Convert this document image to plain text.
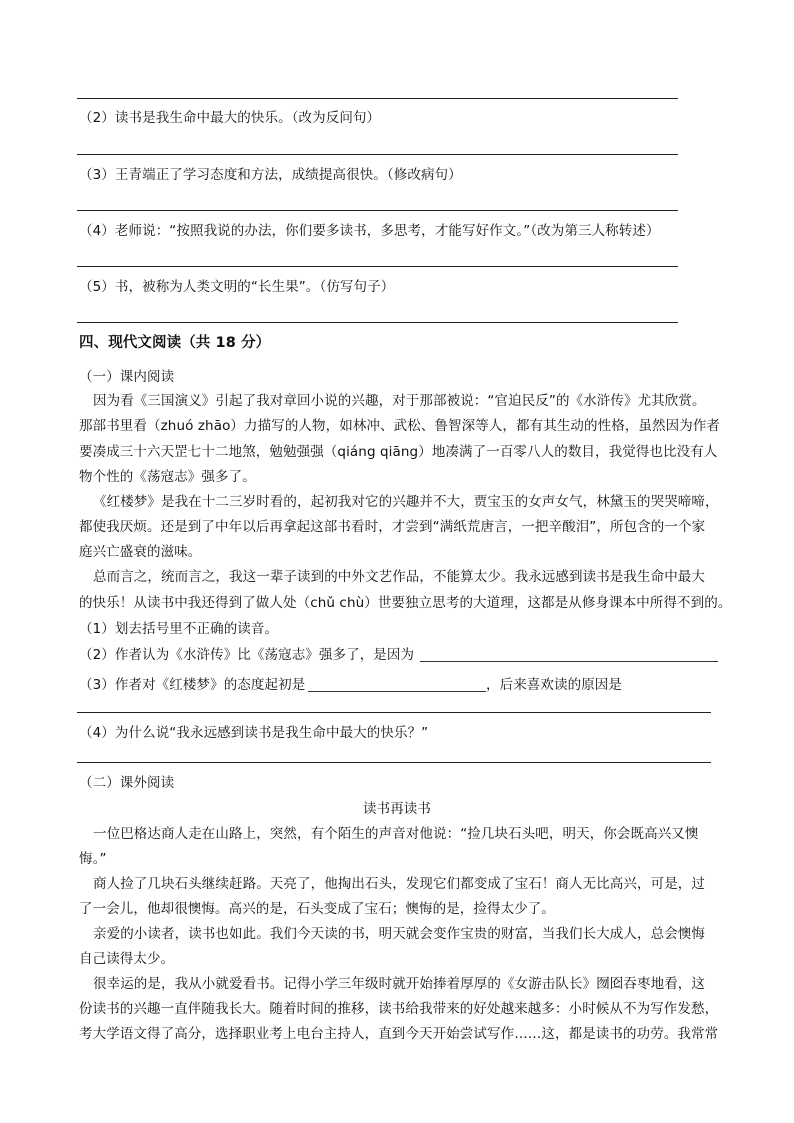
（2）读书是我生命中最大的快乐。（改为反问句）
（3）王青端正了学习态度和方法，成绩提高很快。（修改病句）
（4）老师说：“按照我说的办法，你们要多读书，多思考，才能写好作文。”（改为第三人称转述）
（5）书，被称为人类文明的“长生果”。（仿写句子）
四、现代文阅读（共 18 分）
（一）课内阅读
因为看《三国演义》引起了我对章回小说的兴趣，对于那部被说：“官迫民反”的《水浒传》尤其欣赏。
那部书里看（zhuó zhāo）力描写的人物，如林冲、武松、鲁智深等人，都有其生动的性格，虽然因为作者
要凑成三十六天罡七十二地煞，勉勉强强（qiáng qiāng）地凑满了一百零八人的数目，我觉得也比没有人
物个性的《荡寇志》强多了。
《红楼梦》是我在十二三岁时看的，起初我对它的兴趣并不大，贾宝玉的女声女气，林黛玉的哭哭啼啼，
都使我厌烦。还是到了中年以后再拿起这部书看时，才尝到“满纸荒唐言，一把辛酸泪”，所包含的一个家
庭兴亡盛衰的滋味。
总而言之，统而言之，我这一辈子读到的中外文艺作品，不能算太少。我永远感到读书是我生命中最大
的快乐！从读书中我还得到了做人处（chǔ chù）世要独立思考的大道理，这都是从修身课本中所得不到的。
（1）划去括号里不正确的读音。
（2）作者认为《水浒传》比《荡寇志》强多了，是因为
（3）作者对《红楼梦》的态度起初是	，后来喜欢读的原因是
（4）为什么说“我永远感到读书是我生命中最大的快乐？”
（二）课外阅读
读书再读书
一位巴格达商人走在山路上，突然，有个陌生的声音对他说：“捡几块石头吧，明天，你会既高兴又懊
悔。”
商人捡了几块石头继续赶路。天亮了，他掏出石头，发现它们都变成了宝石！商人无比高兴，可是，过
了一会儿，他却很懊悔。高兴的是，石头变成了宝石；懊悔的是，捡得太少了。
亲爱的小读者，读书也如此。我们今天读的书，明天就会变作宝贵的财富，当我们长大成人，总会懊悔
自己读得太少。
很幸运的是，我从小就爱看书。记得小学三年级时就开始捧着厚厚的《女游击队长》囫囵吞枣地看，这
份读书的兴趣一直伴随我长大。随着时间的推移，读书给我带来的好处越来越多：小时候从不为写作发愁，
考大学语文得了高分，选择职业考上电台主持人，直到今天开始尝试写作……这，都是读书的功劳。我常常
